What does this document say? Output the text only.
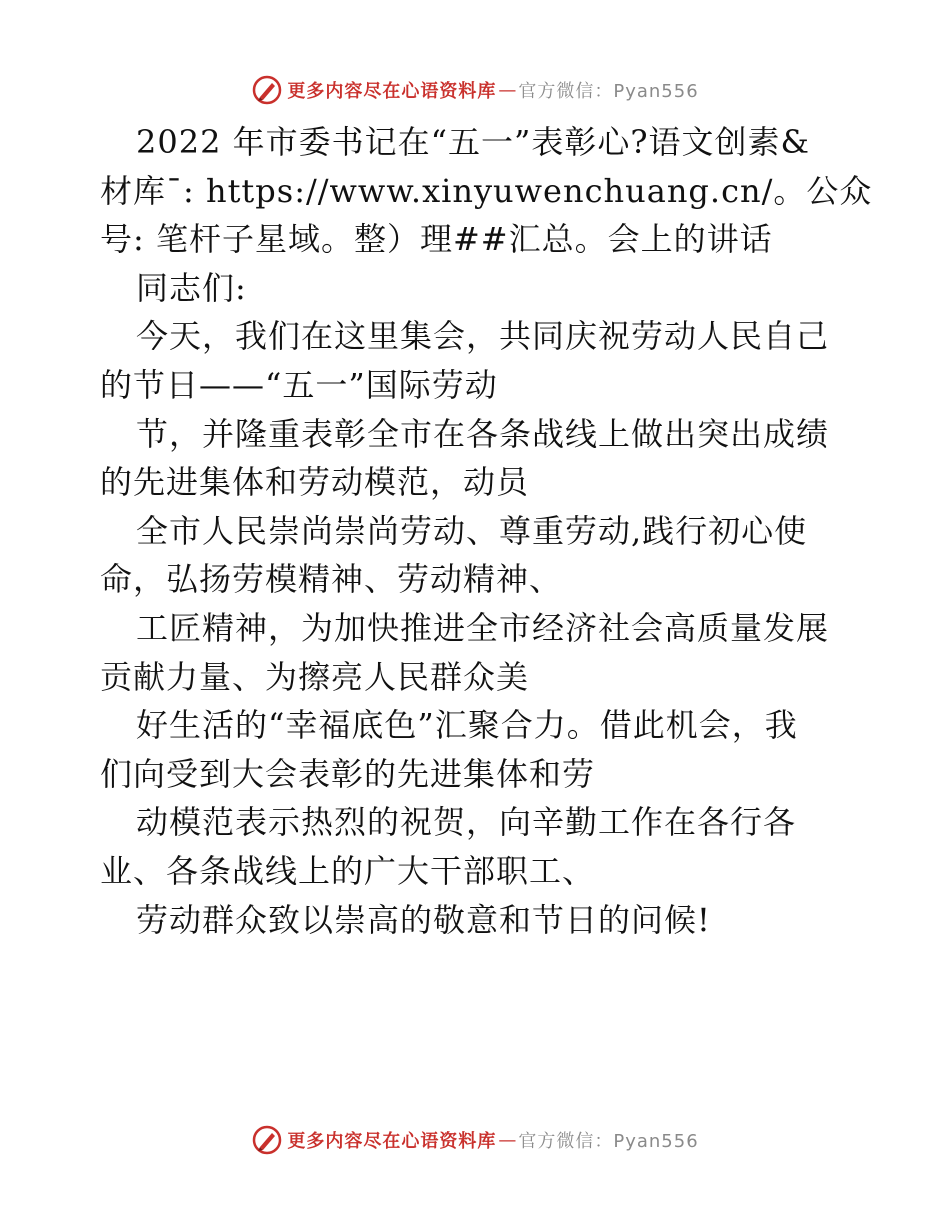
更多内容尽在心语资料库 — 官方微信：Pyan556
2022 年市委书记在“五一”表彰心?语文创素&
材库¯: https://www.xinyuwenchuang.cn/。公众
号: 笔杆子星域。整）理##汇总。会上的讲话
同志们:
今天，我们在这里集会，共同庆祝劳动人民自己
的节日——“五一”国际劳动
节，并隆重表彰全市在各条战线上做出突出成绩
的先进集体和劳动模范，动员
全市人民崇尚崇尚劳动、尊重劳动,践行初心使
命，弘扬劳模精神、劳动精神、
工匠精神，为加快推进全市经济社会高质量发展
贡献力量、为擦亮人民群众美
好生活的“幸福底色”汇聚合力。借此机会，我
们向受到大会表彰的先进集体和劳
动模范表示热烈的祝贺，向辛勤工作在各行各
业、各条战线上的广大干部职工、
劳动群众致以崇高的敬意和节日的问候!
更多内容尽在心语资料库 — 官方微信：Pyan556
